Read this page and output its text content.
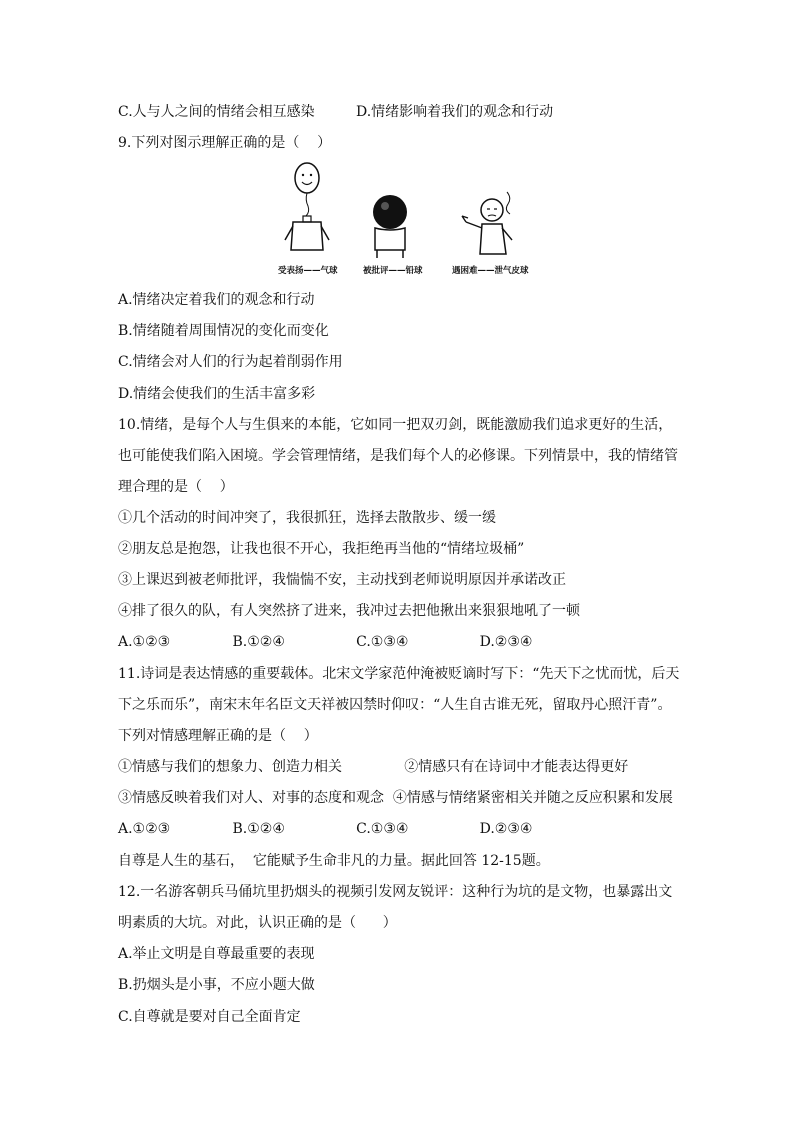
C.人与人之间的情绪会相互感染	D.情绪影响着我们的观念和行动
9.下列对图示理解正确的是（    ）
受表扬——气球	被批评——铅球	遇困难——泄气皮球
A.情绪决定着我们的观念和行动
B.情绪随着周围情况的变化而变化
C.情绪会对人们的行为起着削弱作用
D.情绪会使我们的生活丰富多彩
10.情绪，是每个人与生俱来的本能，它如同一把双刃剑，既能激励我们追求更好的生活，
也可能使我们陷入困境。学会管理情绪，是我们每个人的必修课。下列情景中，我的情绪管
理合理的是（    ）
①几个活动的时间冲突了，我很抓狂，选择去散散步、缓一缓
②朋友总是抱怨，让我也很不开心，我拒绝再当他的“情绪垃圾桶”
③上课迟到被老师批评，我惴惴不安，主动找到老师说明原因并承诺改正
④排了很久的队，有人突然挤了进来，我冲过去把他揪出来狠狠地吼了一顿
A.①②③              B.①②④                C.①③④                D.②③④
11.诗词是表达情感的重要载体。北宋文学家范仲淹被贬谪时写下：“先天下之忧而忧，后天
下之乐而乐”，南宋末年名臣文天祥被囚禁时仰叹：“人生自古谁无死，留取丹心照汗青”。
下列对情感理解正确的是（    ）
①情感与我们的想象力、创造力相关              ②情感只有在诗词中才能表达得更好
③情感反映着我们对人、对事的态度和观念  ④情感与情绪紧密相关并随之反应积累和发展
A.①②③              B.①②④                C.①③④                D.②③④
自尊是人生的基石，  它能赋予生命非凡的力量。据此回答 12-15题。
12.一名游客朝兵马俑坑里扔烟头的视频引发网友锐评：这种行为坑的是文物，也暴露出文
明素质的大坑。对此，认识正确的是（      ）
A.举止文明是自尊最重要的表现
B.扔烟头是小事，不应小题大做
C.自尊就是要对自己全面肯定
